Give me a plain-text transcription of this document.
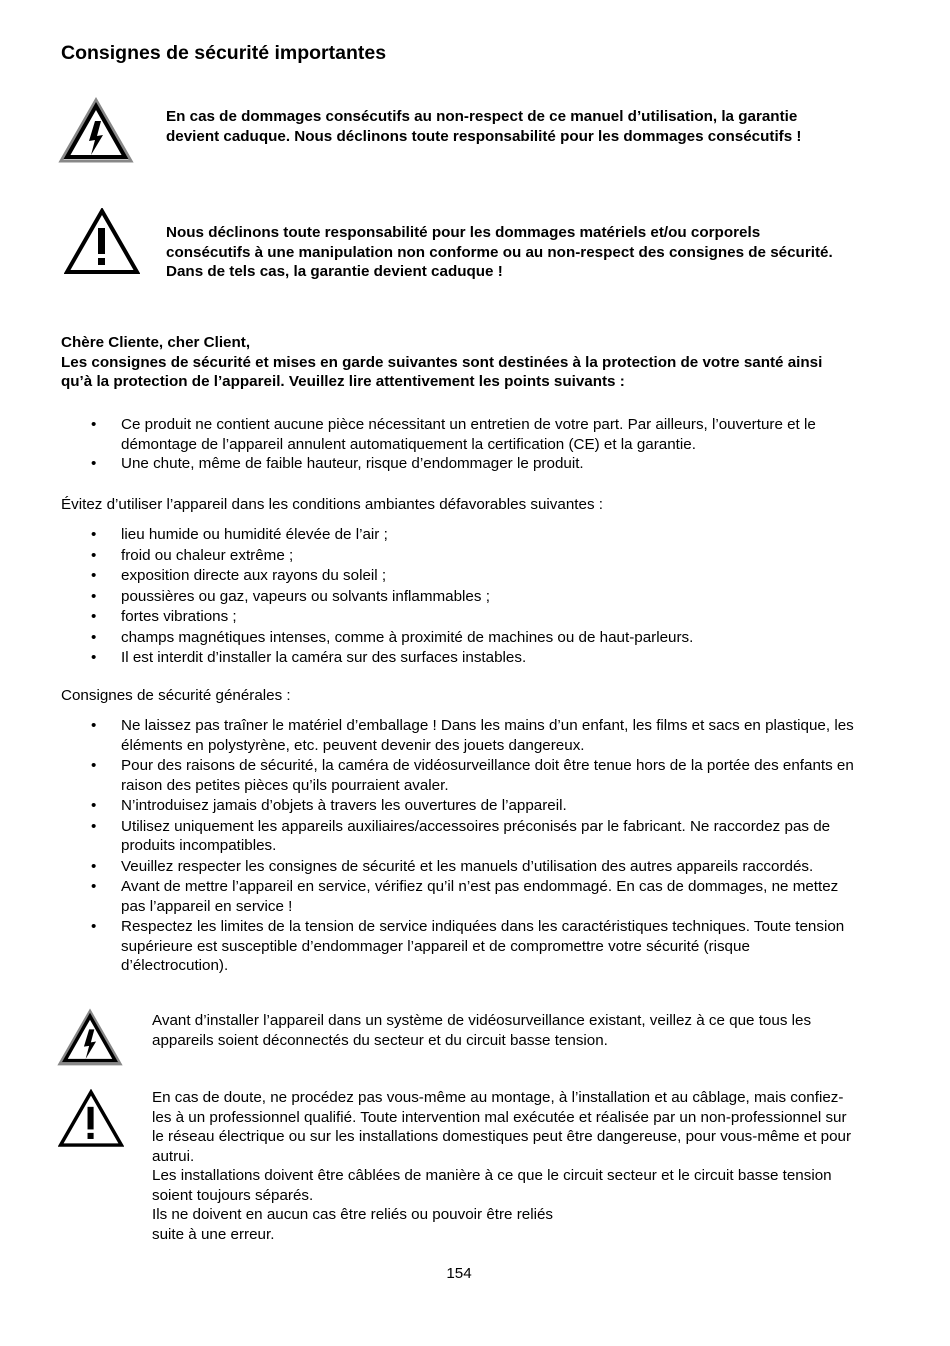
Consignes de sécurité importantes
En cas de dommages consécutifs au non-respect de ce manuel d’utilisation, la garantie devient caduque. Nous déclinons toute responsabilité pour les dommages consécutifs !
Nous déclinons toute responsabilité pour les dommages matériels et/ou corporels consécutifs à une manipulation non conforme ou au non-respect des consignes de sécurité. Dans de tels cas, la garantie devient caduque !
Chère Cliente, cher Client,
Les consignes de sécurité et mises en garde suivantes sont destinées à la protection de votre santé ainsi qu’à la protection de l’appareil. Veuillez lire attentivement les points suivants :
• Ce produit ne contient aucune pièce nécessitant un entretien de votre part. Par ailleurs, l’ouverture et le démontage de l’appareil annulent automatiquement la certification (CE) et la garantie.
• Une chute, même de faible hauteur, risque d’endommager le produit.
Évitez d’utiliser l’appareil dans les conditions ambiantes défavorables suivantes :
• lieu humide ou humidité élevée de l’air ;
• froid ou chaleur extrême ;
• exposition directe aux rayons du soleil ;
• poussières ou gaz, vapeurs ou solvants inflammables ;
• fortes vibrations ;
• champs magnétiques intenses, comme à proximité de machines ou de haut-parleurs.
• Il est interdit d’installer la caméra sur des surfaces instables.
Consignes de sécurité générales :
• Ne laissez pas traîner le matériel d’emballage ! Dans les mains d’un enfant, les films et sacs en plastique, les éléments en polystyrène, etc. peuvent devenir des jouets dangereux.
• Pour des raisons de sécurité, la caméra de vidéosurveillance doit être tenue hors de la portée des enfants en raison des petites pièces qu’ils pourraient avaler.
• N’introduisez jamais d’objets à travers les ouvertures de l’appareil.
• Utilisez uniquement les appareils auxiliaires/accessoires préconisés par le fabricant. Ne raccordez pas de produits incompatibles.
• Veuillez respecter les consignes de sécurité et les manuels d’utilisation des autres appareils raccordés.
• Avant de mettre l’appareil en service, vérifiez qu’il n’est pas endommagé. En cas de dommages, ne mettez pas l’appareil en service !
• Respectez les limites de la tension de service indiquées dans les caractéristiques techniques. Toute tension supérieure est susceptible d’endommager l’appareil et de compromettre votre sécurité (risque d’électrocution).
Avant d’installer l’appareil dans un système de vidéosurveillance existant, veillez à ce que tous les appareils soient déconnectés du secteur et du circuit basse tension.
En cas de doute, ne procédez pas vous-même au montage, à l’installation et au câblage, mais confiez-les à un professionnel qualifié. Toute intervention mal exécutée et réalisée par un non-professionnel sur le réseau électrique ou sur les installations domestiques peut être dangereuse, pour vous-même et pour autrui.
Les installations doivent être câblées de manière à ce que le circuit secteur et le circuit basse tension soient toujours séparés.
Ils ne doivent en aucun cas être reliés ou pouvoir être reliés
suite à une erreur.
154
